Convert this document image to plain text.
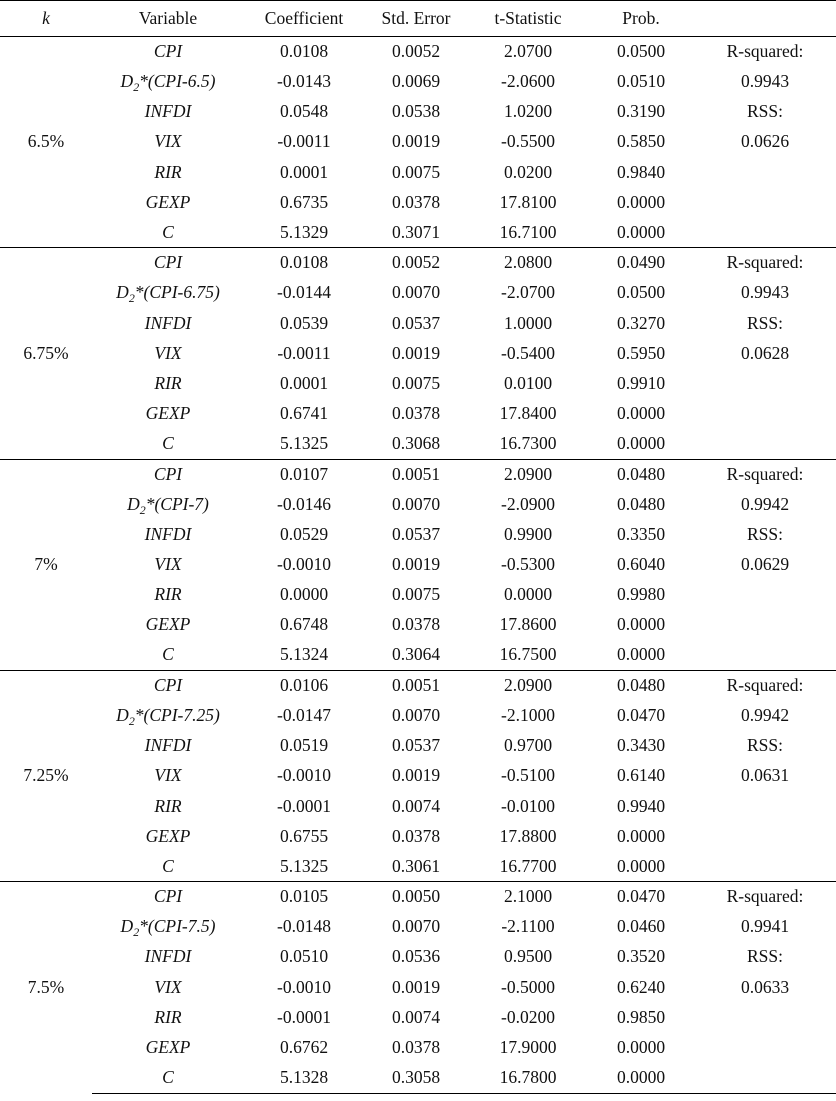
k	Variable	Coefficient	Std. Error	t-Statistic	Prob.	
6.5%	CPI	0.0108	0.0052	2.0700	0.0500	R-squared:
	$D_2*(CPI-6.5)$	-0.0143	0.0069	-2.0600	0.0510	0.9943
	INFDI	0.0548	0.0538	1.0200	0.3190	RSS:
	VIX	-0.0011	0.0019	-0.5500	0.5850	0.0626
	RIR	0.0001	0.0075	0.0200	0.9840	
	GEXP	0.6735	0.0378	17.8100	0.0000	
	C	5.1329	0.3071	16.7100	0.0000	
6.75%	CPI	0.0108	0.0052	2.0800	0.0490	R-squared:
	$D_2*(CPI-6.75)$	-0.0144	0.0070	-2.0700	0.0500	0.9943
	INFDI	0.0539	0.0537	1.0000	0.3270	RSS:
	VIX	-0.0011	0.0019	-0.5400	0.5950	0.0628
	RIR	0.0001	0.0075	0.0100	0.9910	
	GEXP	0.6741	0.0378	17.8400	0.0000	
	C	5.1325	0.3068	16.7300	0.0000	
7%	CPI	0.0107	0.0051	2.0900	0.0480	R-squared:
	$D_2*(CPI-7)$	-0.0146	0.0070	-2.0900	0.0480	0.9942
	INFDI	0.0529	0.0537	0.9900	0.3350	RSS:
	VIX	-0.0010	0.0019	-0.5300	0.6040	0.0629
	RIR	0.0000	0.0075	0.0000	0.9980	
	GEXP	0.6748	0.0378	17.8600	0.0000	
	C	5.1324	0.3064	16.7500	0.0000	
7.25%	CPI	0.0106	0.0051	2.0900	0.0480	R-squared:
	$D_2*(CPI-7.25)$	-0.0147	0.0070	-2.1000	0.0470	0.9942
	INFDI	0.0519	0.0537	0.9700	0.3430	RSS:
	VIX	-0.0010	0.0019	-0.5100	0.6140	0.0631
	RIR	-0.0001	0.0074	-0.0100	0.9940	
	GEXP	0.6755	0.0378	17.8800	0.0000	
	C	5.1325	0.3061	16.7700	0.0000	
7.5%	CPI	0.0105	0.0050	2.1000	0.0470	R-squared:
	$D_2*(CPI-7.5)$	-0.0148	0.0070	-2.1100	0.0460	0.9941
	INFDI	0.0510	0.0536	0.9500	0.3520	RSS:
	VIX	-0.0010	0.0019	-0.5000	0.6240	0.0633
	RIR	-0.0001	0.0074	-0.0200	0.9850	
	GEXP	0.6762	0.0378	17.9000	0.0000	
	C	5.1328	0.3058	16.7800	0.0000	
